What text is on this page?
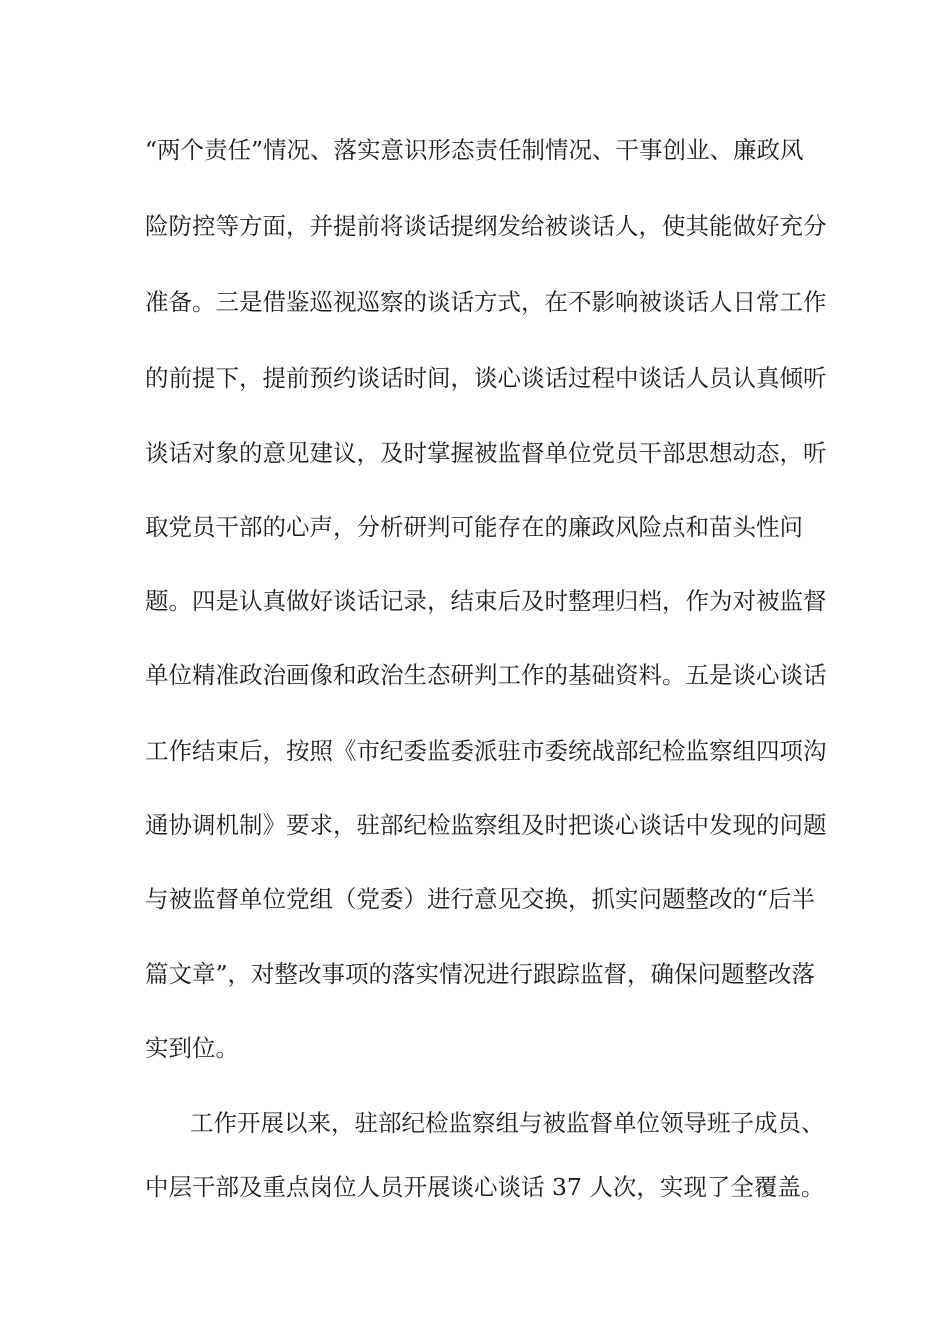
“两个责任”情况、落实意识形态责任制情况、干事创业、廉政风
险防控等方面，并提前将谈话提纲发给被谈话人，使其能做好充分
准备。三是借鉴巡视巡察的谈话方式，在不影响被谈话人日常工作
的前提下，提前预约谈话时间，谈心谈话过程中谈话人员认真倾听
谈话对象的意见建议，及时掌握被监督单位党员干部思想动态，听
取党员干部的心声，分析研判可能存在的廉政风险点和苗头性问
题。四是认真做好谈话记录，结束后及时整理归档，作为对被监督
单位精准政治画像和政治生态研判工作的基础资料。五是谈心谈话
工作结束后，按照《市纪委监委派驻市委统战部纪检监察组四项沟
通协调机制》要求，驻部纪检监察组及时把谈心谈话中发现的问题
与被监督单位党组（党委）进行意见交换，抓实问题整改的“后半
篇文章”，对整改事项的落实情况进行跟踪监督，确保问题整改落
实到位。
工作开展以来，驻部纪检监察组与被监督单位领导班子成员、
中层干部及重点岗位人员开展谈心谈话 37 人次，实现了全覆盖。
